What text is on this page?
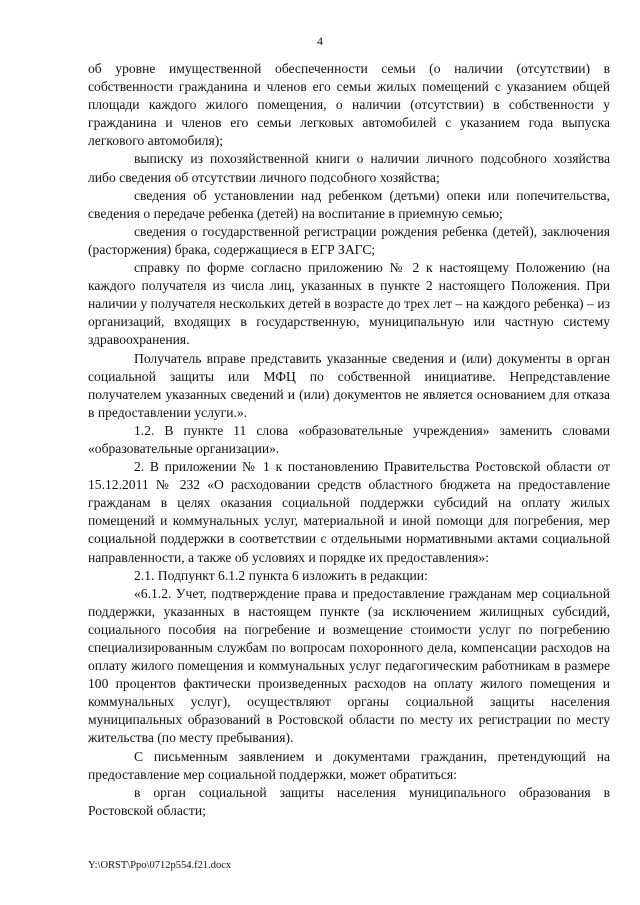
4

об уровне имущественной обеспеченности семьи (о наличии (отсутствии) в собственности гражданина и членов его семьи жилых помещений с указанием общей площади каждого жилого помещения, о наличии (отсутствии) в собственности у гражданина и членов его семьи легковых автомобилей с указанием года выпуска легкового автомобиля);

выписку из похозяйственной книги о наличии личного подсобного хозяйства либо сведения об отсутствии личного подсобного хозяйства;

сведения об установлении над ребенком (детьми) опеки или попечительства, сведения о передаче ребенка (детей) на воспитание в приемную семью;

сведения о государственной регистрации рождения ребенка (детей), заключения (расторжения) брака, содержащиеся в ЕГР ЗАГС;

справку по форме согласно приложению № 2 к настоящему Положению (на каждого получателя из числа лиц, указанных в пункте 2 настоящего Положения. При наличии у получателя нескольких детей в возрасте до трех лет – на каждого ребенка) – из организаций, входящих в государственную, муниципальную или частную систему здравоохранения.

Получатель вправе представить указанные сведения и (или) документы в орган социальной защиты или МФЦ по собственной инициативе. Непредставление получателем указанных сведений и (или) документов не является основанием для отказа в предоставлении услуги.».

1.2. В пункте 11 слова «образовательные учреждения» заменить словами «образовательные организации».

2. В приложении № 1 к постановлению Правительства Ростовской области от 15.12.2011 № 232 «О расходовании средств областного бюджета на предоставление гражданам в целях оказания социальной поддержки субсидий на оплату жилых помещений и коммунальных услуг, материальной и иной помощи для погребения, мер социальной поддержки в соответствии с отдельными нормативными актами социальной направленности, а также об условиях и порядке их предоставления»:

2.1. Подпункт 6.1.2 пункта 6 изложить в редакции:

«6.1.2. Учет, подтверждение права и предоставление гражданам мер социальной поддержки, указанных в настоящем пункте (за исключением жилищных субсидий, социального пособия на погребение и возмещение стоимости услуг по погребению специализированным службам по вопросам похоронного дела, компенсации расходов на оплату жилого помещения и коммунальных услуг педагогическим работникам в размере 100 процентов фактически произведенных расходов на оплату жилого помещения и коммунальных услуг), осуществляют органы социальной защиты населения муниципальных образований в Ростовской области по месту их регистрации по месту жительства (по месту пребывания).

С письменным заявлением и документами гражданин, претендующий на предоставление мер социальной поддержки, может обратиться:

в орган социальной защиты населения муниципального образования в Ростовской области;

Y:\ORST\Ppo\0712p554.f21.docx
